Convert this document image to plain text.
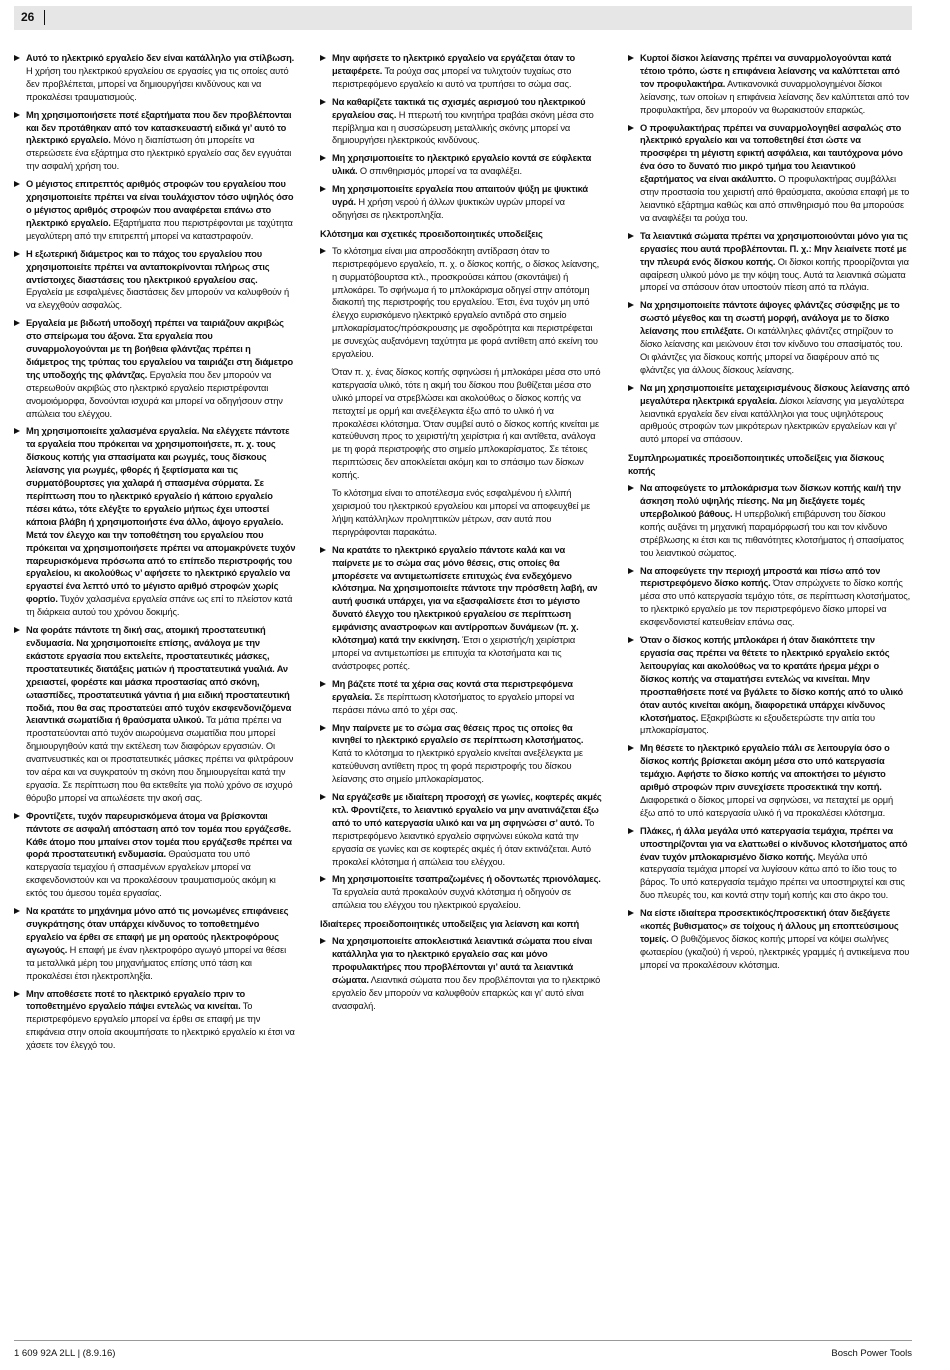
26
Αυτό το ηλεκτρικό εργαλείο δεν είναι κατάλληλο για στίλβωση. Η χρήση του ηλεκτρικού εργαλείου σε εργασίες για τις οποίες αυτό δεν προβλέπεται, μπορεί να δημιουργήσει κινδύνους και να προκαλέσει τραυματισμούς.
Μη χρησιμοποιήσετε ποτέ εξαρτήματα που δεν προβλέπονται και δεν προτάθηκαν από τον κατασκευαστή ειδικά γι’ αυτό το ηλεκτρικό εργαλείο. Μόνο η διαπίστωση ότι μπορείτε να στερεώσετε ένα εξάρτημα στο ηλεκτρικό εργαλείο σας δεν εγγυάται την ασφαλή χρήση του.
Ο μέγιστος επιτρεπτός αριθμός στροφών του εργαλείου που χρησιμοποιείτε πρέπει να είναι τουλάχιστον τόσο υψηλός όσο ο μέγιστος αριθμός στροφών που αναφέρεται επάνω στο ηλεκτρικό εργαλείο. Εξαρτήματα που περιστρέφονται με ταχύτητα μεγαλύτερη από την επιτρεπτή μπορεί να καταστραφούν.
Η εξωτερική διάμετρος και το πάχος του εργαλείου που χρησιμοποιείτε πρέπει να ανταποκρίνονται πλήρως στις αντίστοιχες διαστάσεις του ηλεκτρικού εργαλείου σας. Εργαλεία με εσφαλμένες διαστάσεις δεν μπορούν να καλυφθούν ή να ελεγχθούν ασφαλώς.
Εργαλεία με βιδωτή υποδοχή πρέπει να ταιριάζουν ακριβώς στο σπείρωμα του άξονα. Στα εργαλεία που συναρμολογούνται με τη βοήθεια φλάντζας πρέπει η διάμετρος της τρύπας του εργαλείου να ταιριάζει στη διάμετρο της υποδοχής της φλάντζας. Εργαλεία που δεν μπορούν να στερεωθούν ακριβώς στο ηλεκτρικό εργαλείο περιστρέφονται ανομοιόμορφα, δονούνται ισχυρά και μπορεί να οδηγήσουν στην απώλεια του ελέγχου.
Μη χρησιμοποιείτε χαλασμένα εργαλεία. Να ελέγχετε πάντοτε τα εργαλεία που πρόκειται να χρησιμοποιήσετε, π. χ. τους δίσκους κοπής για σπασίματα και ρωγμές, τους δίσκους λείανσης για ρωγμές, φθορές ή ξεφτίσματα και τις συρματόβουρτσες για χαλαρά ή σπασμένα σύρματα. Σε περίπτωση που το ηλεκτρικό εργαλείο ή κάποιο εργαλείο πέσει κάτω, τότε ελέγξτε το εργαλείο μήπως έχει υποστεί κάποια βλάβη ή χρησιμοποιήστε ένα άλλο, άψογο εργαλείο. Μετά τον έλεγχο και την τοποθέτηση του εργαλείου που πρόκειται να χρησιμοποιήσετε πρέπει να απομακρύνετε τυχόν παρευρισκόμενα πρόσωπα από το επίπεδο περιστροφής του εργαλείου, κι ακολούθως ν’ αφήσετε το ηλεκτρικό εργαλείο να εργαστεί ένα λεπτό υπό το μέγιστο αριθμό στροφών χωρίς φορτίο. Τυχόν χαλασμένα εργαλεία σπάνε ως επί το πλείστον κατά τη διάρκεια αυτού του χρόνου δοκιμής.
Να φοράτε πάντοτε τη δική σας, ατομική προστατευτική ενδυμασία. Να χρησιμοποιείτε επίσης, ανάλογα με την εκάστοτε εργασία που εκτελείτε, προστατευτικές μάσκες, προστατευτικές διατάξεις ματιών ή προστατευτικά γυαλιά. Αν χρειαστεί, φορέστε και μάσκα προστασίας από σκόνη, ωτασπίδες, προστατευτικά γάντια ή μια ειδική προστατευτική ποδιά, που θα σας προστατεύει από τυχόν εκσφενδονιζόμενα λειαντικά σωματίδια ή θραύσματα υλικού. Τα μάτια πρέπει να προστατεύονται από τυχόν αιωρούμενα σωματίδια που μπορεί δημιουργηθούν κατά την εκτέλεση των διαφόρων εργασιών. Οι αναπνευστικές και οι προστατευτικές μάσκες πρέπει να φιλτράρουν τον αέρα και να συγκρατούν τη σκόνη που δημιουργείται κατά την εργασία. Σε περίπτωση που θα εκτεθείτε για πολύ χρόνο σε ισχυρό θόρυβο μπορεί να απωλέσετε την ακοή σας.
Φροντίζετε, τυχόν παρευρισκόμενα άτομα να βρίσκονται πάντοτε σε ασφαλή απόσταση από τον τομέα που εργάζεσθε. Κάθε άτομο που μπαίνει στον τομέα που εργάζεσθε πρέπει να φορά προστατευτική ενδυμασία. Θραύσματα του υπό κατεργασία τεμαχίου ή σπασμένων εργαλείων μπορεί να εκσφενδονιστούν και να προκαλέσουν τραυματισμούς ακόμη κι εκτός του άμεσου τομέα εργασίας.
Να κρατάτε το μηχάνημα μόνο από τις μονωμένες επιφάνειες συγκράτησης όταν υπάρχει κίνδυνος το τοποθετημένο εργαλείο να έρθει σε επαφή με μη ορατούς ηλεκτροφόρους αγωγούς. Η επαφή με έναν ηλεκτροφόρο αγωγό μπορεί να θέσει τα μεταλλικά μέρη του μηχανήματος επίσης υπό τάση και προκαλέσει έτσι ηλεκτροπληξία.
Μην αποθέσετε ποτέ το ηλεκτρικό εργαλείο πριν το τοποθετημένο εργαλείο πάψει εντελώς να κινείται. Το περιστρεφόμενο εργαλείο μπορεί να έρθει σε επαφή με την επιφάνεια στην οποία ακουμπήσατε το ηλεκτρικό εργαλείο κι έτσι να χάσετε τον έλεγχό του.
Μην αφήσετε το ηλεκτρικό εργαλείο να εργάζεται όταν το μεταφέρετε. Τα ρούχα σας μπορεί να τυλιχτούν τυχαίως στο περιστρεφόμενο εργαλείο κι αυτό να τρυπήσει το σώμα σας.
Να καθαρίζετε τακτικά τις σχισμές αερισμού του ηλεκτρικού εργαλείου σας. Η πτερωτή του κινητήρα τραβάει σκόνη μέσα στο περίβλημα και η συσσώρευση μεταλλικής σκόνης μπορεί να δημιουργήσει ηλεκτρικούς κινδύνους.
Μη χρησιμοποιείτε το ηλεκτρικό εργαλείο κοντά σε εύφλεκτα υλικά. Ο σπινθηρισμός μπορεί να τα αναφλέξει.
Μη χρησιμοποιείτε εργαλεία που απαιτούν ψύξη με ψυκτικά υγρά. Η χρήση νερού ή άλλων ψυκτικών υγρών μπορεί να οδηγήσει σε ηλεκτροπληξία.
Κλότσημα και σχετικές προειδοποιητικές υποδείξεις
Το κλότσημα είναι μια απροσδόκητη αντίδραση όταν το περιστρεφόμενο εργαλείο, π. χ. ο δίσκος κοπής, ο δίσκος λείανσης, η συρματόβουρτσα κτλ., προσκρούσει κάπου (σκοντάψει) ή μπλοκάρει. Το σφήνωμα ή το μπλοκάρισμα οδηγεί στην απότομη διακοπή της περιστροφής του εργαλείου. Έτσι, ένα τυχόν μη υπό έλεγχο ευρισκόμενο ηλεκτρικό εργαλείο αντιδρά στο σημείο μπλοκαρίσματος/πρόσκρουσης με σφοδρότητα και περιστρέφεται με συνεχώς αυξανόμενη ταχύτητα με φορά αντίθετη από εκείνη του εργαλείου.
Όταν π. χ. ένας δίσκος κοπής σφηνώσει ή μπλοκάρει μέσα στο υπό κατεργασία υλικό, τότε η ακμή του δίσκου που βυθίζεται μέσα στο υλικό μπορεί να στρεβλώσει και ακολούθως ο δίσκος κοπής να πεταχτεί με ορμή και ανεξέλεγκτα έξω από το υλικό ή να προκαλέσει κλότσημα. Όταν συμβεί αυτό ο δίσκος κοπής κινείται με κατεύθυνση προς το χειριστή/τη χειρίστρια ή και αντίθετα, ανάλογα με τη φορά περιστροφής στο σημείο μπλοκαρίσματος. Σε τέτοιες περιπτώσεις δεν αποκλείεται ακόμη και το σπάσιμο των δίσκων κοπής.
Το κλότσημα είναι το αποτέλεσμα ενός εσφαλμένου ή ελλιπή χειρισμού του ηλεκτρικού εργαλείου και μπορεί να αποφευχθεί με λήψη κατάλληλων προληπτικών μέτρων, σαν αυτά που περιγράφονται παρακάτω.
Να κρατάτε το ηλεκτρικό εργαλείο πάντοτε καλά και να παίρνετε με το σώμα σας μόνο θέσεις, στις οποίες θα μπορέσετε να αντιμετωπίσετε επιτυχώς ένα ενδεχόμενο κλότσημα. Να χρησιμοποιείτε πάντοτε την πρόσθετη λαβή, αν αυτή φυσικά υπάρχει, για να εξασφαλίσετε έτσι το μέγιστο δυνατό έλεγχο του ηλεκτρικού εργαλείου σε περίπτωση εμφάνισης αναστροφων και αντίρροπων δυνάμεων (π. χ. κλότσημα) κατά την εκκίνηση. Έτσι ο χειριστής/η χειρίστρια μπορεί να αντιμετωπίσει με επιτυχία τα κλοτσήματα και τις ανάστροφες ροπές.
Μη βάζετε ποτέ τα χέρια σας κοντά στα περιστρεφόμενα εργαλεία. Σε περίπτωση κλοτσήματος το εργαλείο μπορεί να περάσει πάνω από το χέρι σας.
Μην παίρνετε με το σώμα σας θέσεις προς τις οποίες θα κινηθεί το ηλεκτρικό εργαλείο σε περίπτωση κλοτσήματος. Κατά το κλότσημα το ηλεκτρικό εργαλείο κινείται ανεξέλεγκτα με κατεύθυνση αντίθετη προς τη φορά περιστροφής του δίσκου λείανσης στο σημείο μπλοκαρίσματος.
Να εργάζεσθε με ιδιαίτερη προσοχή σε γωνίες, κοφτερές ακμές κτλ. Φροντίζετε, το λειαντικό εργαλείο να μην ανατινάζεται έξω από το υπό κατεργασία υλικό και να μη σφηνώσει σ’ αυτό. Το περιστρεφόμενο λειαντικό εργαλείο σφηνώνει εύκολα κατά την εργασία σε γωνίες και σε κοφτερές ακμές ή όταν εκτινάζεται. Αυτό προκαλεί κλότσημα ή απώλεια του ελέγχου.
Μη χρησιμοποιείτε τσαπραζωμένες ή οδοντωτές πριονόλαμες. Τα εργαλεία αυτά προκαλούν συχνά κλότσημα ή οδηγούν σε απώλεια του ελέγχου του ηλεκτρικού εργαλείου.
Ιδιαίτερες προειδοποιητικές υποδείξεις για λείανση και κοπή
Να χρησιμοποιείτε αποκλειστικά λειαντικά σώματα που είναι κατάλληλα για το ηλεκτρικό εργαλείο σας και μόνο προφυλακτήρες που προβλέπονται γι’ αυτά τα λειαντικά σώματα. Λειαντικά σώματα που δεν προβλέπονται για το ηλεκτρικό εργαλείο δεν μπορούν να καλυφθούν επαρκώς και γι’ αυτό είναι ανασφαλή.
Κυρτοί δίσκοι λείανσης πρέπει να συναρμολογούνται κατά τέτοιο τρόπο, ώστε η επιφάνεια λείανσης να καλύπτεται από τον προφυλακτήρα. Αντικανονικά συναρμολογημένοι δίσκοι λείανσης, των οποίων η επιφάνεια λείανσης δεν καλύπτεται από τον προφυλακτήρα, δεν μπορούν να θωρακιστούν επαρκώς.
Ο προφυλακτήρας πρέπει να συναρμολογηθεί ασφαλώς στο ηλεκτρικό εργαλείο και να τοποθετηθεί έτσι ώστε να προσφέρει τη μέγιστη εφικτή ασφάλεια, και ταυτόχρονα μόνο ένα όσο το δυνατό πιο μικρό τμήμα του λειαντικού εξαρτήματος να είναι ακάλυπτο. Ο προφυλακτήρας συμβάλλει στην προστασία του χειριστή από θραύσματα, ακούσια επαφή με το λειαντικό εξάρτημα καθώς και από σπινθηρισμό που θα μπορούσε να αναφλέξει τα ρούχα του.
Τα λειαντικά σώματα πρέπει να χρησιμοποιούνται μόνο για τις εργασίες που αυτά προβλέπονται. Π. χ.: Μην λειαίνετε ποτέ με την πλευρά ενός δίσκου κοπής. Οι δίσκοι κοπής προορίζονται για αφαίρεση υλικού μόνο με την κόψη τους. Αυτά τα λειαντικά σώματα μπορεί να σπάσουν όταν υποστούν πίεση από τα πλάγια.
Να χρησιμοποιείτε πάντοτε άψογες φλάντζες σύσφιξης με το σωστό μέγεθος και τη σωστή μορφή, ανάλογα με το δίσκο λείανσης που επιλέξατε. Οι κατάλληλες φλάντζες στηρίζουν το δίσκο λείανσης και μειώνουν έτσι τον κίνδυνο του σπασίματός του. Οι φλάντζες για δίσκους κοπής μπορεί να διαφέρουν από τις φλάντζες για άλλους δίσκους λείανσης.
Να μη χρησιμοποιείτε μεταχειρισμένους δίσκους λείανσης από μεγαλύτερα ηλεκτρικά εργαλεία. Δίσκοι λείανσης για μεγαλύτερα λειαντικά εργαλεία δεν είναι κατάλληλοι για τους υψηλότερους αριθμούς στροφών των μικρότερων ηλεκτρικών εργαλείων και γι’ αυτό μπορεί να σπάσουν.
Συμπληρωματικές προειδοποιητικές υποδείξεις για δίσκους κοπής
Να αποφεύγετε το μπλοκάρισμα των δίσκων κοπής και/ή την άσκηση πολύ υψηλής πίεσης. Να μη διεξάγετε τομές υπερβολικού βάθους. Η υπερβολική επιβάρυνση του δίσκου κοπής αυξάνει τη μηχανική παραμόρφωσή του και τον κίνδυνο στρέβλωσης κι έτσι και τις πιθανότητες κλοτσήματος ή σπασίματος του λειαντικού σώματος.
Να αποφεύγετε την περιοχή μπροστά και πίσω από τον περιστρεφόμενο δίσκο κοπής. Όταν σπρώχνετε το δίσκο κοπής μέσα στο υπό κατεργασία τεμάχιο τότε, σε περίπτωση κλοτσήματος, το ηλεκτρικό εργαλείο με τον περιστρεφόμενο δίσκο μπορεί να εκσφενδονιστεί κατευθείαν επάνω σας.
Όταν ο δίσκος κοπής μπλοκάρει ή όταν διακόπτετε την εργασία σας πρέπει να θέτετε το ηλεκτρικό εργαλείο εκτός λειτουργίας και ακολούθως να το κρατάτε ήρεμα μέχρι ο δίσκος κοπής να σταματήσει εντελώς να κινείται. Μην προσπαθήσετε ποτέ να βγάλετε το δίσκο κοπής από το υλικό όταν αυτός κινείται ακόμη, διαφορετικά υπάρχει κίνδυνος κλοτσήματος. Εξακριβώστε κι εξουδετερώστε την αιτία του μπλοκαρίσματος.
Μη θέσετε το ηλεκτρικό εργαλείο πάλι σε λειτουργία όσο ο δίσκος κοπής βρίσκεται ακόμη μέσα στο υπό κατεργασία τεμάχιο. Αφήστε το δίσκο κοπής να αποκτήσει το μέγιστο αριθμό στροφών πριν συνεχίσετε προσεκτικά την κοπή. Διαφορετικά ο δίσκος μπορεί να σφηνώσει, να πεταχτεί με ορμή έξω από το υπό κατεργασία υλικό ή να προκαλέσει κλότσημα.
Πλάκες, ή άλλα μεγάλα υπό κατεργασία τεμάχια, πρέπει να υποστηρίζονται για να ελαττωθεί ο κίνδυνος κλοτσήματος από έναν τυχόν μπλοκαρισμένο δίσκο κοπής. Μεγάλα υπό κατεργασία τεμάχια μπορεί να λυγίσουν κάτω από το ίδιο τους το βάρος. Το υπό κατεργασία τεμάχιο πρέπει να υποστηριχτεί και στις δυο πλευρές του, και κοντά στην τομή κοπής και στο άκρο του.
Να είστε ιδιαίτερα προσεκτικός/προσεκτική όταν διεξάγετε «κοπές βυθισματος» σε τοίχους ή άλλους μη εποπτεύσιμους τομείς. Ο βυθιζόμενος δίσκος κοπής μπορεί να κόψει σωλήνες φωταερίου (γκαζιού) ή νερού, ηλεκτρικές γραμμές ή αντικείμενα που μπορεί να προκαλέσουν κλότσημα.
1 609 92A 2LL | (8.9.16)	Bosch Power Tools
